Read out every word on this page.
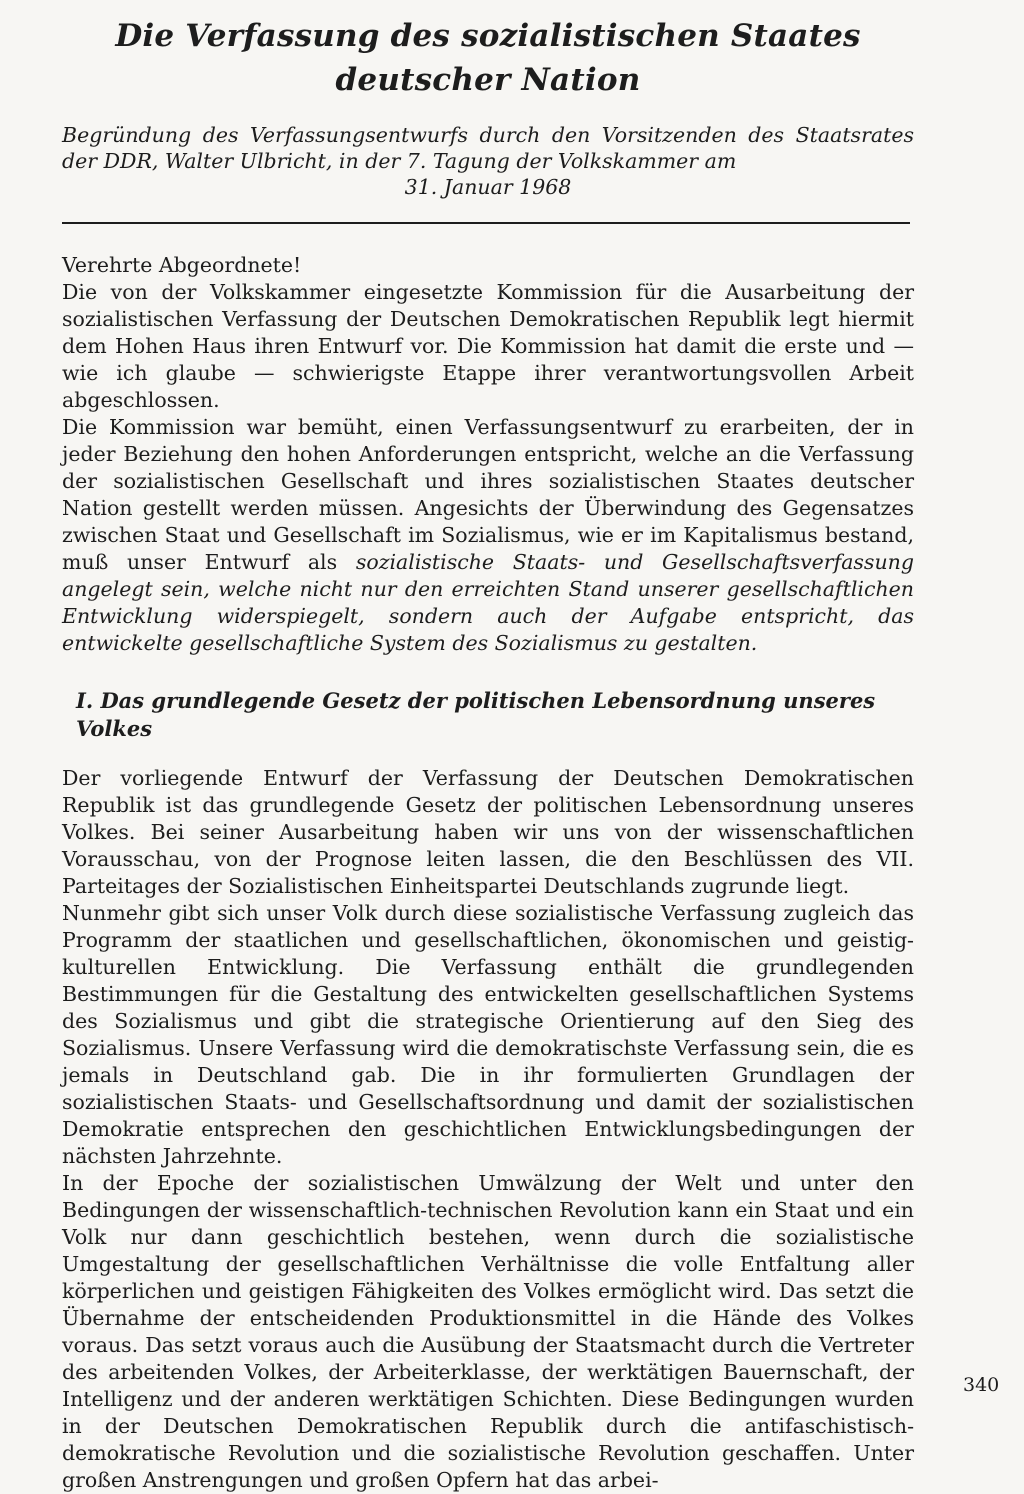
Die Verfassung des sozialistischen Staates deutscher Nation

Begründung des Verfassungsentwurfs durch den Vorsitzenden des Staatsrates der DDR, Walter Ulbricht, in der 7. Tagung der Volkskammer am
31. Januar 1968

Verehrte Abgeordnete!

Die von der Volkskammer eingesetzte Kommission für die Ausarbeitung der sozialistischen Verfassung der Deutschen Demokratischen Republik legt hiermit dem Hohen Haus ihren Entwurf vor. Die Kommission hat damit die erste und — wie ich glaube — schwierigste Etappe ihrer verantwortungsvollen Arbeit abgeschlossen.

Die Kommission war bemüht, einen Verfassungsentwurf zu erarbeiten, der in jeder Beziehung den hohen Anforderungen entspricht, welche an die Verfassung der sozialistischen Gesellschaft und ihres sozialistischen Staates deutscher Nation gestellt werden müssen. Angesichts der Überwindung des Gegensatzes zwischen Staat und Gesellschaft im Sozialismus, wie er im Kapitalismus bestand, muß unser Entwurf als sozialistische Staats- und Gesellschaftsverfassung angelegt sein, welche nicht nur den erreichten Stand unserer gesellschaftlichen Entwicklung widerspiegelt, sondern auch der Aufgabe entspricht, das entwickelte gesellschaftliche System des Sozialismus zu gestalten.

I. Das grundlegende Gesetz der politischen Lebensordnung unseres Volkes

Der vorliegende Entwurf der Verfassung der Deutschen Demokratischen Republik ist das grundlegende Gesetz der politischen Lebensordnung unseres Volkes. Bei seiner Ausarbeitung haben wir uns von der wissenschaftlichen Voraussсhau, von der Prognose leiten lassen, die den Beschlüssen des VII. Parteitages der Sozialistischen Einheitspartei Deutschlands zugrunde liegt.

Nunmehr gibt sich unser Volk durch diese sozialistische Verfassung zugleich das Programm der staatlichen und gesellschaftlichen, ökonomischen und geistig-kulturellen Entwicklung. Die Verfassung enthält die grundlegenden Bestimmungen für die Gestaltung des entwickelten gesellschaftlichen Systems des Sozialismus und gibt die strategische Orientierung auf den Sieg des Sozialismus. Unsere Verfassung wird die demokratischste Verfassung sein, die es jemals in Deutschland gab. Die in ihr formulierten Grundlagen der sozialistischen Staats- und Gesellschaftsordnung und damit der sozialistischen Demokratie entsprechen den geschichtlichen Entwicklungsbedingungen der nächsten Jahrzehnte.

In der Epoche der sozialistischen Umwälzung der Welt und unter den Bedingungen der wissenschaftlich-technischen Revolution kann ein Staat und ein Volk nur dann geschichtlich bestehen, wenn durch die sozialistische Umgestaltung der gesellschaftlichen Verhältnisse die volle Entfaltung aller körperlichen und geistigen Fähigkeiten des Volkes ermöglicht wird. Das setzt die Übernahme der entscheidenden Produktionsmittel in die Hände des Volkes voraus. Das setzt voraus auch die Ausübung der Staatsmacht durch die Vertreter des arbeitenden Volkes, der Arbeiterklasse, der werktätigen Bauernschaft, der Intelligenz und der anderen werktätigen Schichten. Diese Bedingungen wurden in der Deutschen Demokratischen Republik durch die antifaschistisch-demokratische Revolution und die sozialistische Revolution geschaffen. Unter großen Anstrengungen und großen Opfern hat das arbei-

340
